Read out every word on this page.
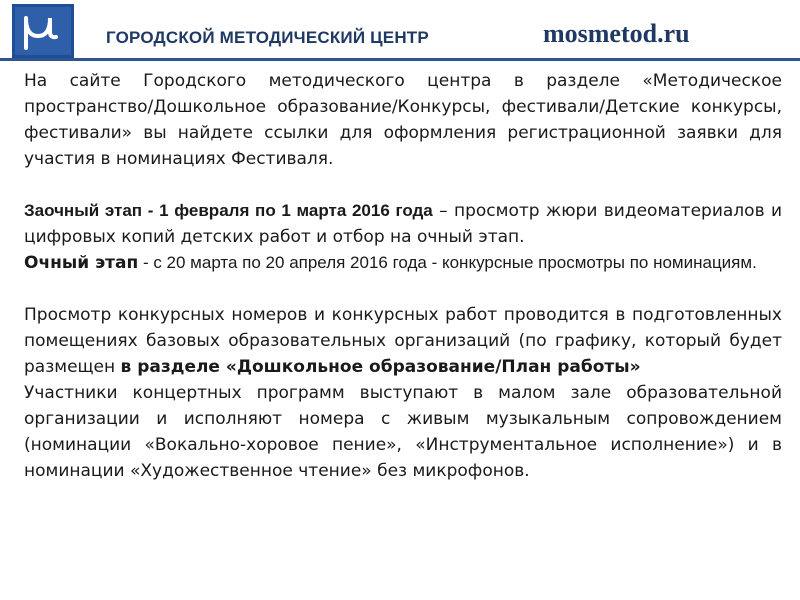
ГОРОДСКОЙ МЕТОДИЧЕСКИЙ ЦЕНТР	mosmetod.ru

На сайте Городского методического центра в разделе «Методическое пространство/Дошкольное образование/Конкурсы, фестивали/Детские конкурсы, фестивали» вы найдете ссылки для оформления регистрационной заявки для участия в номинациях Фестиваля.

Заочный этап - 1 февраля по 1 марта 2016 года – просмотр жюри видеоматериалов и цифровых копий детских работ и отбор на очный этап.

Очный этап - с 20 марта по 20 апреля 2016 года - конкурсные просмотры по номинациям.

Просмотр конкурсных номеров и конкурсных работ проводится в подготовленных помещениях базовых образовательных организаций (по графику, который будет размещен в разделе «Дошкольное образование/План работы»

Участники концертных программ выступают в малом зале образовательной организации и исполняют номера с живым музыкальным сопровождением (номинации «Вокально-хоровое пение», «Инструментальное исполнение») и в номинации «Художественное чтение» без микрофонов.
